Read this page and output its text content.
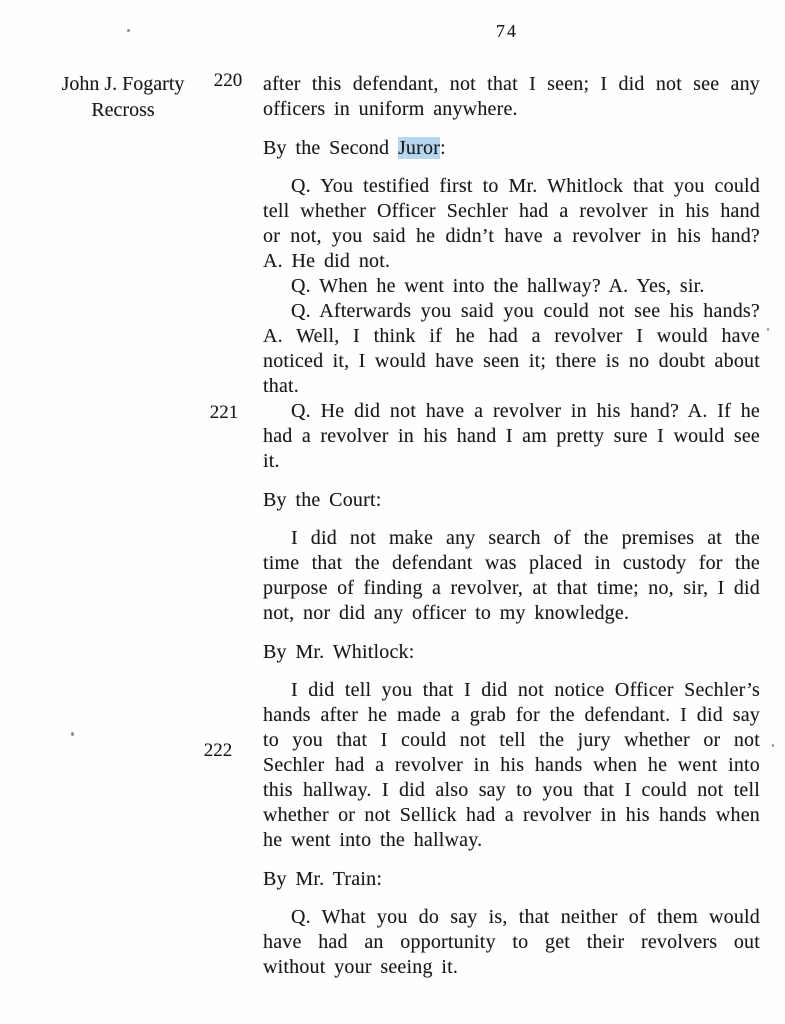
74
John J. Fogarty
Recross
220
221
222

after this defendant, not that I seen; I did not see any officers in uniform anywhere.

By the Second Juror:

Q. You testified first to Mr. Whitlock that you could tell whether Officer Sechler had a revolver in his hand or not, you said he didn’t have a revolver in his hand? A. He did not.

Q. When he went into the hallway? A. Yes, sir.

Q. Afterwards you said you could not see his hands? A. Well, I think if he had a revolver I would have noticed it, I would have seen it; there is no doubt about that.

Q. He did not have a revolver in his hand? A. If he had a revolver in his hand I am pretty sure I would see it.

By the Court:

I did not make any search of the premises at the time that the defendant was placed in custody for the purpose of finding a revolver, at that time; no, sir, I did not, nor did any officer to my knowledge.

By Mr. Whitlock:

I did tell you that I did not notice Officer Sechler’s hands after he made a grab for the defendant. I did say to you that I could not tell the jury whether or not Sechler had a revolver in his hands when he went into this hallway. I did also say to you that I could not tell whether or not Sellick had a revolver in his hands when he went into the hallway.

By Mr. Train:

Q. What you do say is, that neither of them would have had an opportunity to get their revolvers out without your seeing it.
